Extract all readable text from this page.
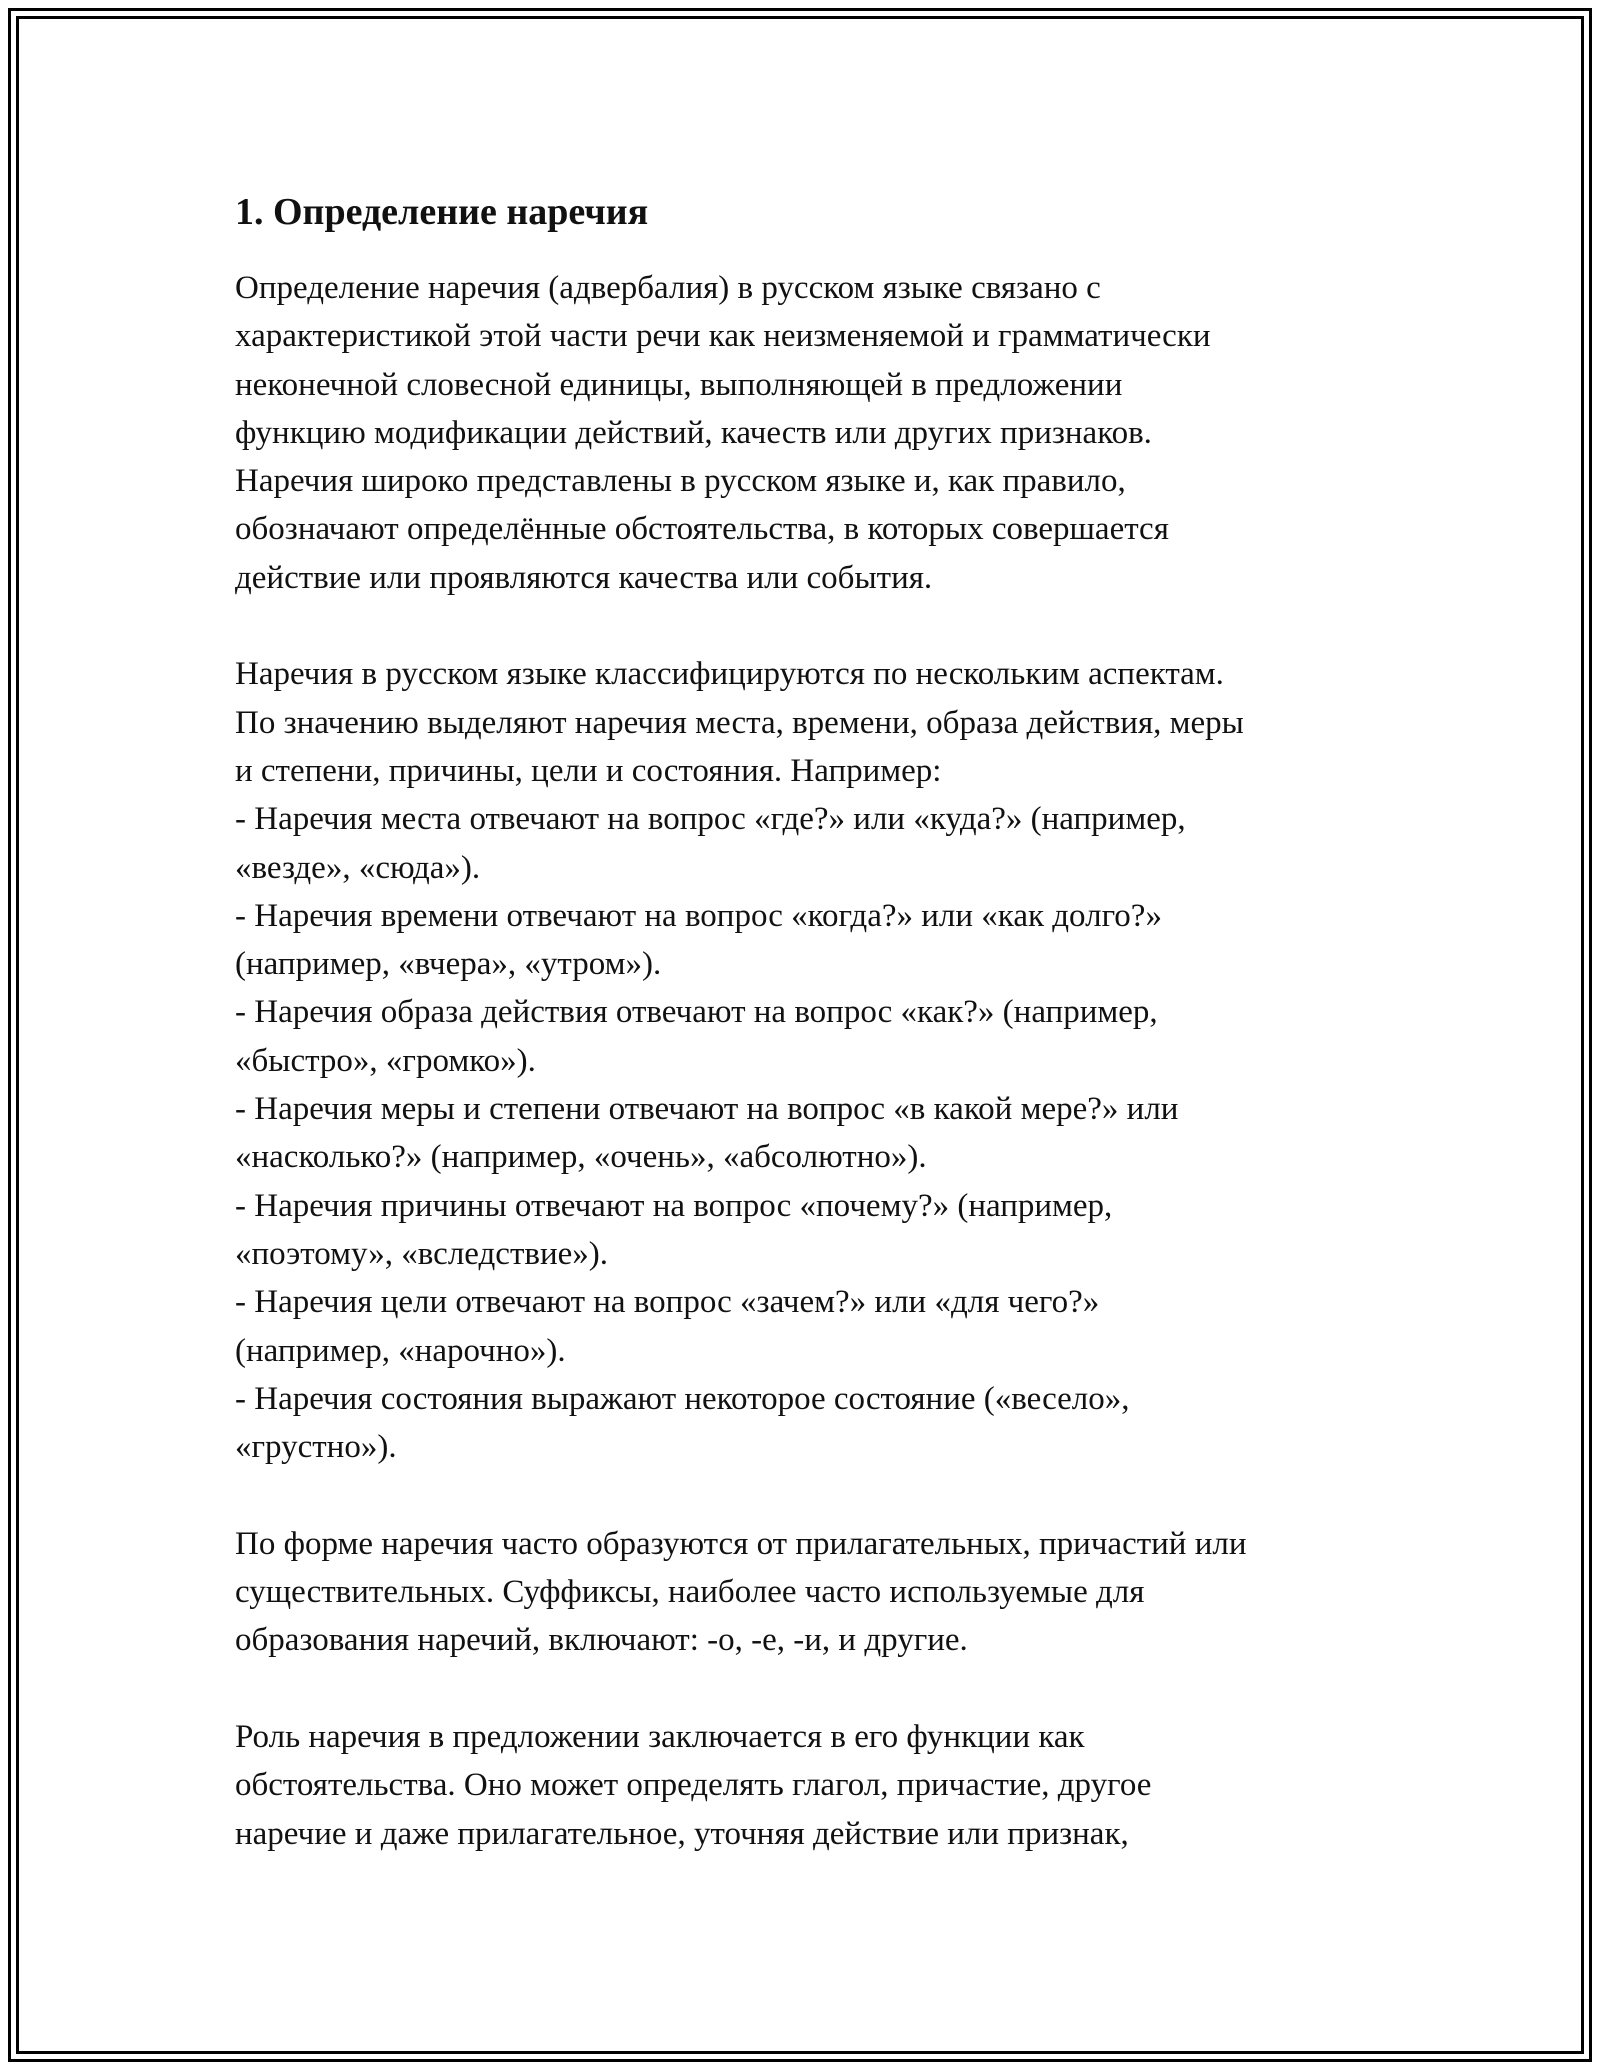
1. Определение наречия

Определение наречия (адвербалия) в русском языке связано с
характеристикой этой части речи как неизменяемой и грамматически
неконечной словесной единицы, выполняющей в предложении
функцию модификации действий, качеств или других признаков.
Наречия широко представлены в русском языке и, как правило,
обозначают определённые обстоятельства, в которых совершается
действие или проявляются качества или события.

Наречия в русском языке классифицируются по нескольким аспектам.
По значению выделяют наречия места, времени, образа действия, меры
и степени, причины, цели и состояния. Например:
- Наречия места отвечают на вопрос «где?» или «куда?» (например,
«везде», «сюда»).
- Наречия времени отвечают на вопрос «когда?» или «как долго?»
(например, «вчера», «утром»).
- Наречия образа действия отвечают на вопрос «как?» (например,
«быстро», «громко»).
- Наречия меры и степени отвечают на вопрос «в какой мере?» или
«насколько?» (например, «очень», «абсолютно»).
- Наречия причины отвечают на вопрос «почему?» (например,
«поэтому», «вследствие»).
- Наречия цели отвечают на вопрос «зачем?» или «для чего?»
(например, «нарочно»).
- Наречия состояния выражают некоторое состояние («весело»,
«грустно»).

По форме наречия часто образуются от прилагательных, причастий или
существительных. Суффиксы, наиболее часто используемые для
образования наречий, включают: -о, -е, -и, и другие.

Роль наречия в предложении заключается в его функции как
обстоятельства. Оно может определять глагол, причастие, другое
наречие и даже прилагательное, уточняя действие или признак,
